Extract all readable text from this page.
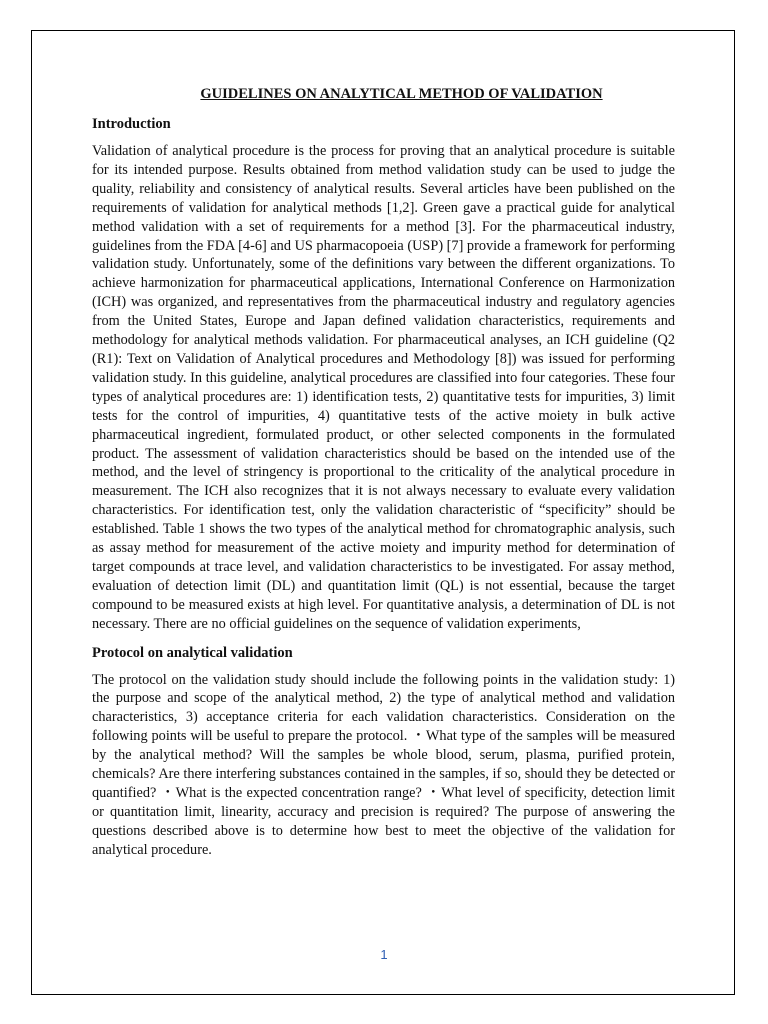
GUIDELINES ON ANALYTICAL METHOD OF VALIDATION
Introduction

Validation of analytical procedure is the process for proving that an analytical procedure is suitable for its intended purpose. Results obtained from method validation study can be used to judge the quality, reliability and consistency of analytical results. Several articles have been published on the requirements of validation for analytical methods [1,2]. Green gave a practical guide for analytical method validation with a set of requirements for a method [3]. For the pharmaceutical industry, guidelines from the FDA [4-6] and US pharmacopoeia (USP) [7] provide a framework for performing validation study. Unfortunately, some of the definitions vary between the different organizations. To achieve harmonization for pharmaceutical applications, International Conference on Harmonization (ICH) was organized, and representatives from the pharmaceutical industry and regulatory agencies from the United States, Europe and Japan defined validation characteristics, requirements and methodology for analytical methods validation. For pharmaceutical analyses, an ICH guideline (Q2 (R1): Text on Validation of Analytical procedures and Methodology [8]) was issued for performing validation study. In this guideline, analytical procedures are classified into four categories. These four types of analytical procedures are: 1) identification tests, 2) quantitative tests for impurities, 3) limit tests for the control of impurities, 4) quantitative tests of the active moiety in bulk active pharmaceutical ingredient, formulated product, or other selected components in the formulated product. The assessment of validation characteristics should be based on the intended use of the method, and the level of stringency is proportional to the criticality of the analytical procedure in measurement. The ICH also recognizes that it is not always necessary to evaluate every validation characteristics. For identification test, only the validation characteristic of “specificity” should be established. Table 1 shows the two types of the analytical method for chromatographic analysis, such as assay method for measurement of the active moiety and impurity method for determination of target compounds at trace level, and validation characteristics to be investigated. For assay method, evaluation of detection limit (DL) and quantitation limit (QL) is not essential, because the target compound to be measured exists at high level. For quantitative analysis, a determination of DL is not necessary. There are no official guidelines on the sequence of validation experiments,

Protocol on analytical validation

The protocol on the validation study should include the following points in the validation study: 1) the purpose and scope of the analytical method, 2) the type of analytical method and validation characteristics, 3) acceptance criteria for each validation characteristics. Consideration on the following points will be useful to prepare the protocol. ・What type of the samples will be measured by the analytical method? Will the samples be whole blood, serum, plasma, purified protein, chemicals? Are there interfering substances contained in the samples, if so, should they be detected or quantified? ・What is the expected concentration range? ・What level of specificity, detection limit or quantitation limit, linearity, accuracy and precision is required? The purpose of answering the questions described above is to determine how best to meet the objective of the validation for analytical procedure.

1
